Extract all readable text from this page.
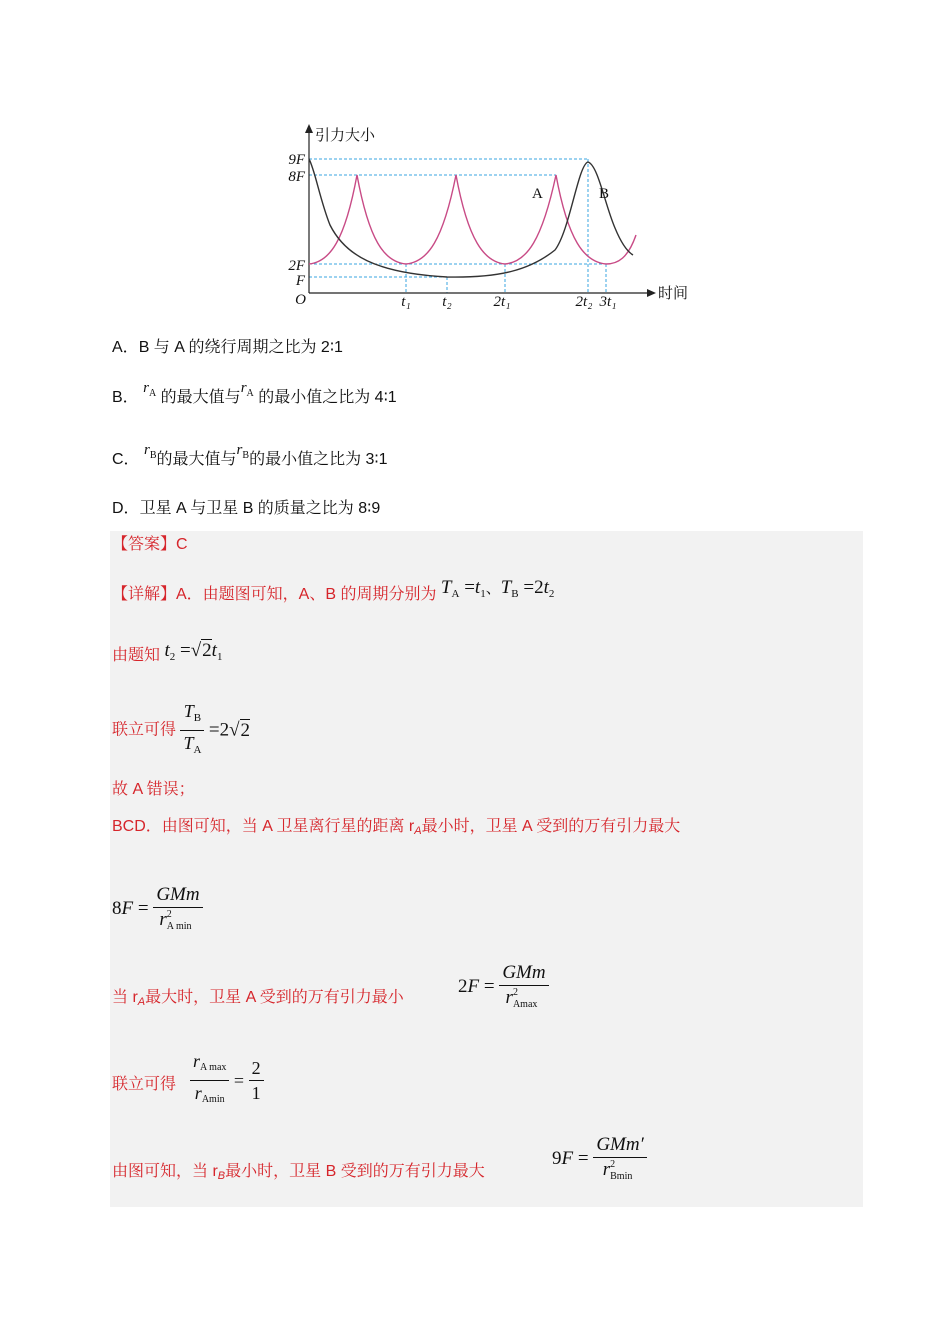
9F
8F
2F
F
O	t₁ t₂	2t₁	2t₂ 3t₁
引力大小
时间
A	B
A．B 与 A 的绕行周期之比为 2∶1
B． $r^A$ 的最大值与$r^A$ 的最小值之比为 4∶1
C． $r^B$的最大值与$r^B$的最小值之比为 3∶1
D．卫星 A 与卫星 B 的质量之比为 8∶9
【答案】C
【详解】A．由题图可知，A、B 的周期分别为 $T_A =t_1$、$T_B =2t_2$
由题知 $t_2 =√2t_1$
联立可得 $\frac{T_B}{T_A} =2√2$
故 A 错误；
BCD．由图可知，当 A 卫星离行星的距离 rA最小时，卫星 A 受到的万有引力最大
$8F = \frac{\text{GMm}}{r^2_{A min}}$
当 rA最大时，卫星 A 受到的万有引力最小
$2F = \frac{\text{GMm}}{r^2_{Amax}}$
联立可得 $\frac{\text{rA max}}{rAmin} = \frac{2}{1}$
由图可知，当 rB最小时，卫星 B 受到的万有引力最大
$9F = \frac{\text{GMm′}}{r^2_{Bmin}}$
